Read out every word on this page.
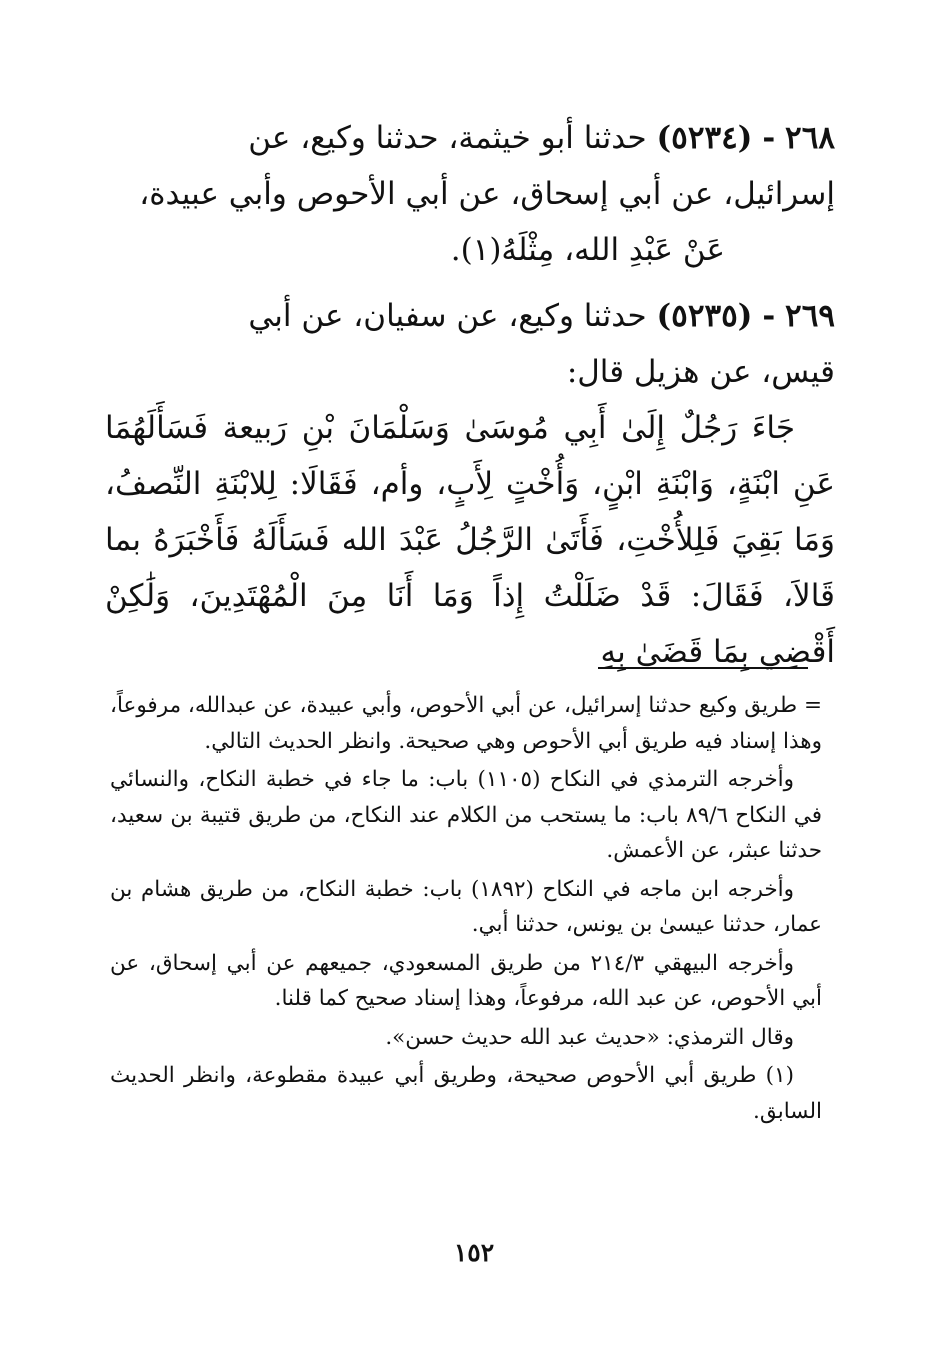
٢٦٨ - (٥٢٣٤) حدثنا أبو خيثمة، حدثنا وكيع، عن
إسرائيل، عن أبي إسحاق، عن أبي الأحوص وأبي عبيدة،
عَنْ عَبْدِ الله، مِثْلَهُ(١).
٢٦٩ - (٥٢٣٥) حدثنا وكيع، عن سفيان، عن أبي
قيس، عن هزيل قال:

جَاءَ رَجُلٌ إِلَىٰ أَبِي مُوسَىٰ وَسَلْمَانَ بْنِ رَبيعة فَسَأَلَهُمَا عَنِ ابْنَةٍ، وَابْنَةِ ابْنٍ، وَأُخْتٍ لِأَبٍ، وأم، فَقَالَا: لِلابْنَةِ النِّصفُ، وَمَا بَقِيَ فَلِلأُخْتِ، فَأَتَىٰ الرَّجُلُ عَبْدَ الله فَسَأَلَهُ فَأَخْبَرَهُ بما قَالاَ، فَقَالَ: قَدْ ضَلَلْتُ إِذاً وَمَا أَنَا مِنَ الْمُهْتَدِينَ، وَلَٰكِنْ أَقْضِي بِمَا قَضَىٰ بِهِ

= طريق وكيع حدثنا إسرائيل، عن أبي الأحوص، وأبي عبيدة، عن عبدالله، مرفوعاً، وهذا إسناد فيه طريق أبي الأحوص وهي صحيحة. وانظر الحديث التالي.

وأخرجه الترمذي في النكاح (١١٠٥) باب: ما جاء في خطبة النكاح، والنسائي في النكاح ٨٩/٦ باب: ما يستحب من الكلام عند النكاح، من طريق قتيبة بن سعيد، حدثنا عبثر، عن الأعمش.

وأخرجه ابن ماجه في النكاح (١٨٩٢) باب: خطبة النكاح، من طريق هشام بن عمار، حدثنا عيسىٰ بن يونس، حدثنا أبي.

وأخرجه البيهقي ٢١٤/٣ من طريق المسعودي، جميعهم عن أبي إسحاق، عن أبي الأحوص، عن عبد الله، مرفوعاً، وهذا إسناد صحيح كما قلنا.

وقال الترمذي: «حديث عبد الله حديث حسن».

(١) طريق أبي الأحوص صحيحة، وطريق أبي عبيدة مقطوعة، وانظر الحديث السابق.

١٥٢
